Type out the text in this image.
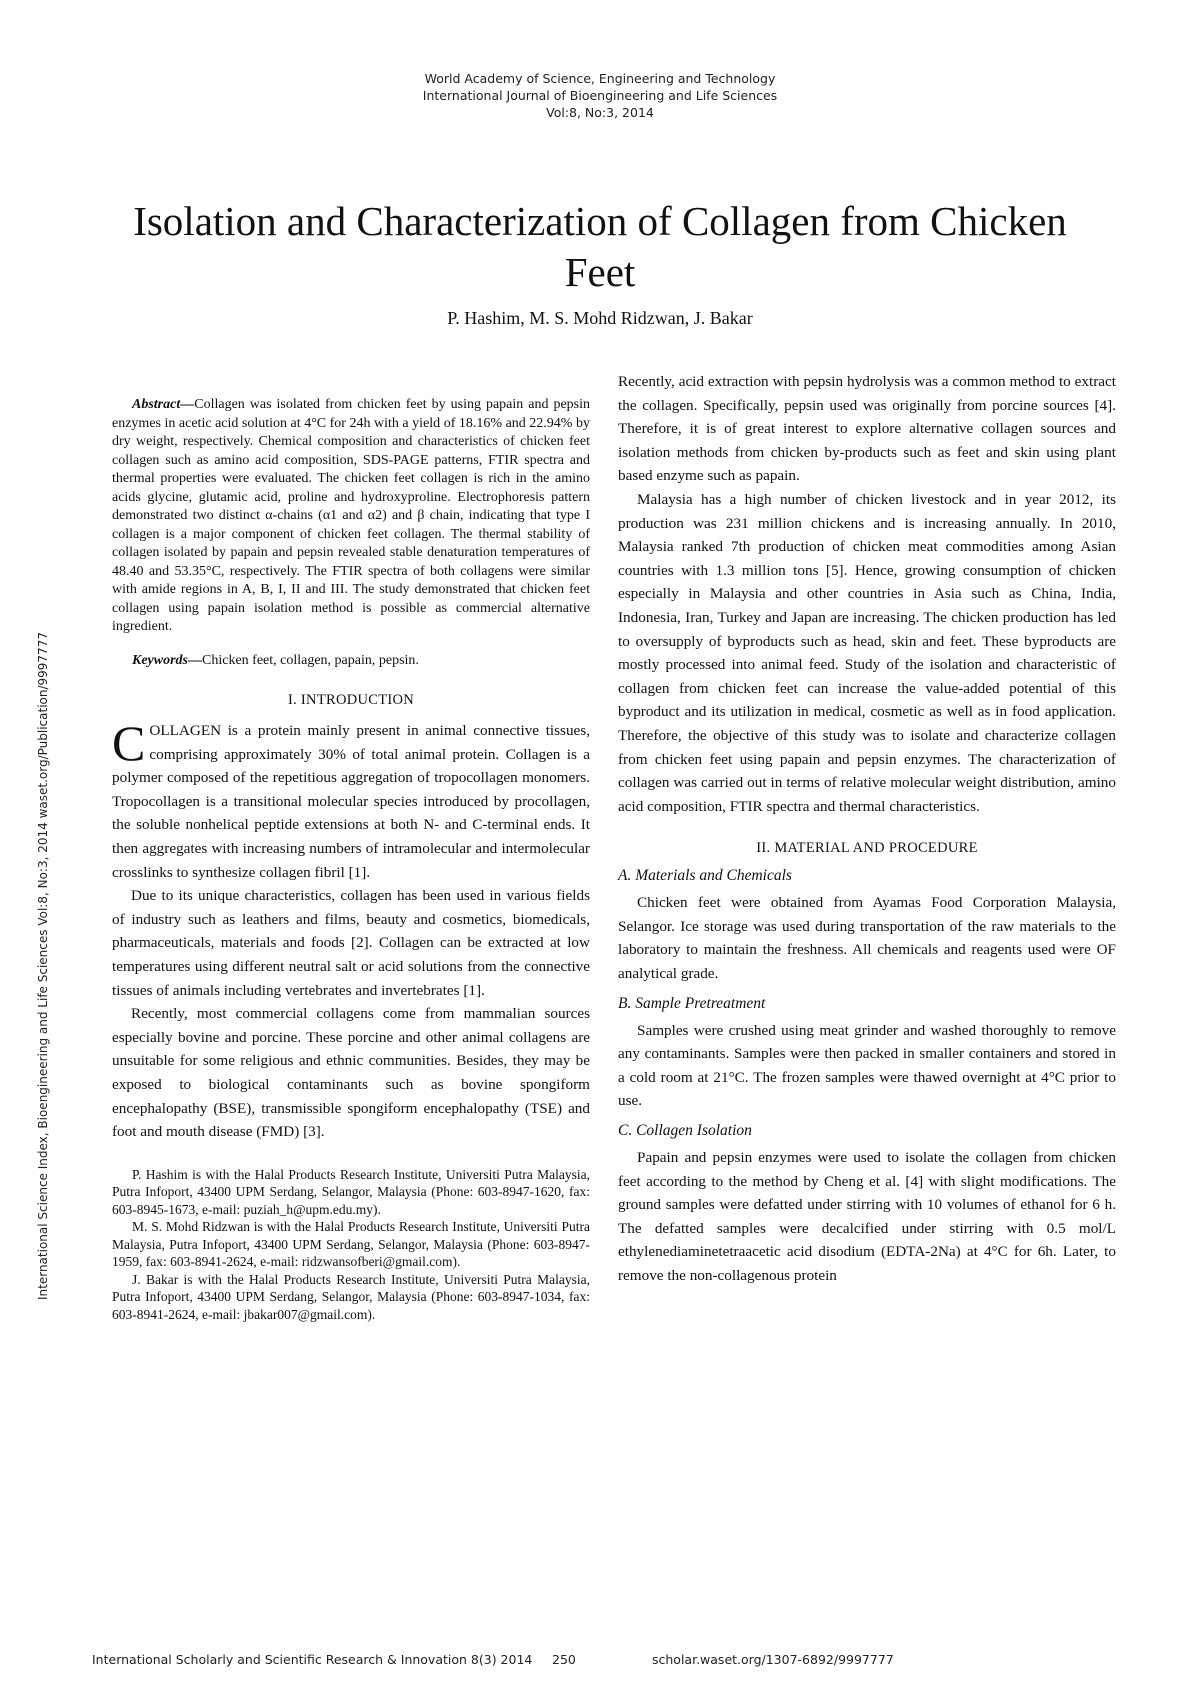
World Academy of Science, Engineering and Technology
International Journal of Bioengineering and Life Sciences
Vol:8, No:3, 2014
Isolation and Characterization of Collagen from Chicken Feet
P. Hashim, M. S. Mohd Ridzwan, J. Bakar
International Science Index, Bioengineering and Life Sciences Vol:8, No:3, 2014 waset.org/Publication/9997777

Abstract—Collagen was isolated from chicken feet by using papain and pepsin enzymes in acetic acid solution at 4°C for 24h with a yield of 18.16% and 22.94% by dry weight, respectively. Chemical composition and characteristics of chicken feet collagen such as amino acid composition, SDS-PAGE patterns, FTIR spectra and thermal properties were evaluated. The chicken feet collagen is rich in the amino acids glycine, glutamic acid, proline and hydroxyproline. Electrophoresis pattern demonstrated two distinct α-chains (α1 and α2) and β chain, indicating that type I collagen is a major component of chicken feet collagen. The thermal stability of collagen isolated by papain and pepsin revealed stable denaturation temperatures of 48.40 and 53.35°C, respectively. The FTIR spectra of both collagens were similar with amide regions in A, B, I, II and III. The study demonstrated that chicken feet collagen using papain isolation method is possible as commercial alternative ingredient.

Keywords—Chicken feet, collagen, papain, pepsin.

I. INTRODUCTION

COLLAGEN is a protein mainly present in animal connective tissues, comprising approximately 30% of total animal protein. Collagen is a polymer composed of the repetitious aggregation of tropocollagen monomers. Tropocollagen is a transitional molecular species introduced by procollagen, the soluble nonhelical peptide extensions at both N- and C-terminal ends. It then aggregates with increasing numbers of intramolecular and intermolecular crosslinks to synthesize collagen fibril [1].

Due to its unique characteristics, collagen has been used in various fields of industry such as leathers and films, beauty and cosmetics, biomedicals, pharmaceuticals, materials and foods [2]. Collagen can be extracted at low temperatures using different neutral salt or acid solutions from the connective tissues of animals including vertebrates and invertebrates [1].

Recently, most commercial collagens come from mammalian sources especially bovine and porcine. These porcine and other animal collagens are unsuitable for some religious and ethnic communities. Besides, they may be exposed to biological contaminants such as bovine spongiform encephalopathy (BSE), transmissible spongiform encephalopathy (TSE) and foot and mouth disease (FMD) [3].

P. Hashim is with the Halal Products Research Institute, Universiti Putra Malaysia, Putra Infoport, 43400 UPM Serdang, Selangor, Malaysia (Phone: 603-8947-1620, fax: 603-8945-1673, e-mail: puziah_h@upm.edu.my).

M. S. Mohd Ridzwan is with the Halal Products Research Institute, Universiti Putra Malaysia, Putra Infoport, 43400 UPM Serdang, Selangor, Malaysia (Phone: 603-8947-1959, fax: 603-8941-2624, e-mail: ridzwansofberi@gmail.com).

J. Bakar is with the Halal Products Research Institute, Universiti Putra Malaysia, Putra Infoport, 43400 UPM Serdang, Selangor, Malaysia (Phone: 603-8947-1034, fax: 603-8941-2624, e-mail: jbakar007@gmail.com).

Recently, acid extraction with pepsin hydrolysis was a common method to extract the collagen. Specifically, pepsin used was originally from porcine sources [4]. Therefore, it is of great interest to explore alternative collagen sources and isolation methods from chicken by-products such as feet and skin using plant based enzyme such as papain.

Malaysia has a high number of chicken livestock and in year 2012, its production was 231 million chickens and is increasing annually. In 2010, Malaysia ranked 7th production of chicken meat commodities among Asian countries with 1.3 million tons [5]. Hence, growing consumption of chicken especially in Malaysia and other countries in Asia such as China, India, Indonesia, Iran, Turkey and Japan are increasing. The chicken production has led to oversupply of byproducts such as head, skin and feet. These byproducts are mostly processed into animal feed. Study of the isolation and characteristic of collagen from chicken feet can increase the value-added potential of this byproduct and its utilization in medical, cosmetic as well as in food application. Therefore, the objective of this study was to isolate and characterize collagen from chicken feet using papain and pepsin enzymes. The characterization of collagen was carried out in terms of relative molecular weight distribution, amino acid composition, FTIR spectra and thermal characteristics.

II. MATERIAL AND PROCEDURE
A. Materials and Chemicals

Chicken feet were obtained from Ayamas Food Corporation Malaysia, Selangor. Ice storage was used during transportation of the raw materials to the laboratory to maintain the freshness. All chemicals and reagents used were OF analytical grade.

B. Sample Pretreatment

Samples were crushed using meat grinder and washed thoroughly to remove any contaminants. Samples were then packed in smaller containers and stored in a cold room at 21°C. The frozen samples were thawed overnight at 4°C prior to use.

C. Collagen Isolation

Papain and pepsin enzymes were used to isolate the collagen from chicken feet according to the method by Cheng et al. [4] with slight modifications. The ground samples were defatted under stirring with 10 volumes of ethanol for 6 h. The defatted samples were decalcified under stirring with 0.5 mol/L ethylenediaminetetraacetic acid disodium (EDTA-2Na) at 4°C for 6h. Later, to remove the non-collagenous protein

International Scholarly and Scientific Research & Innovation 8(3) 2014 250	scholar.waset.org/1307-6892/9997777
